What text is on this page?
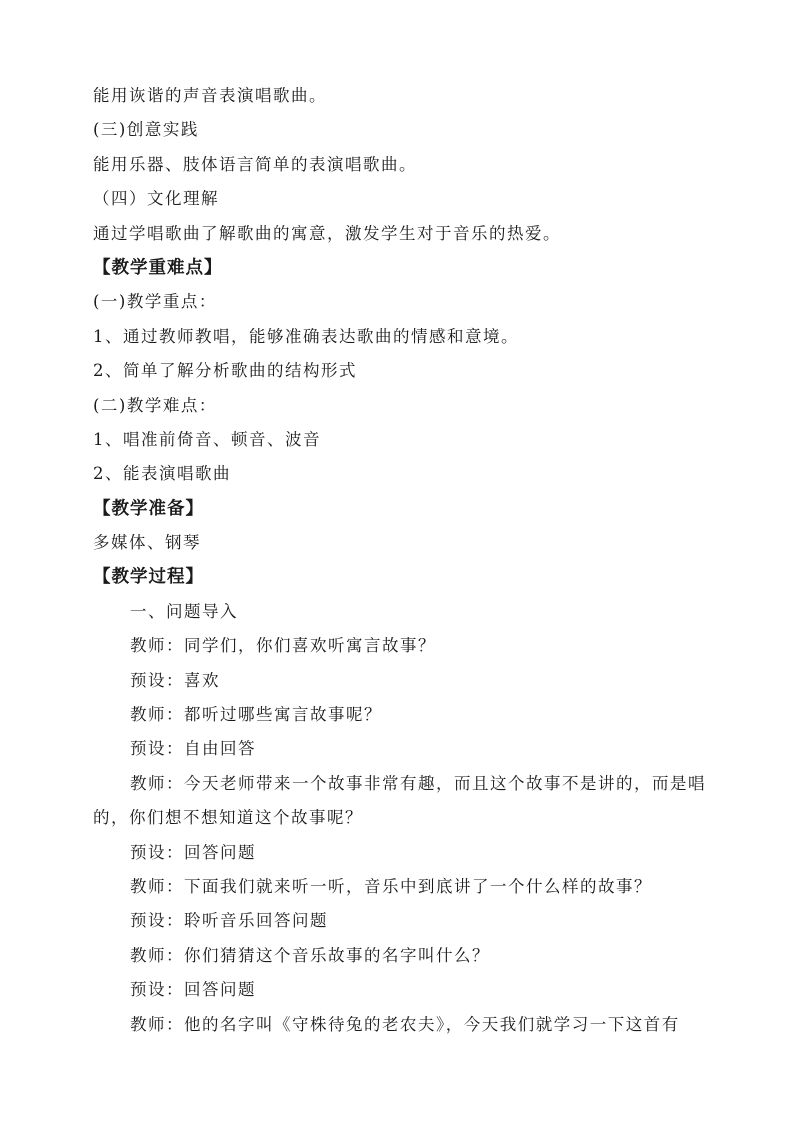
能用诙谐的声音表演唱歌曲。
(三)创意实践
能用乐器、肢体语言简单的表演唱歌曲。
（四）文化理解
通过学唱歌曲了解歌曲的寓意，激发学生对于音乐的热爱。
【教学重难点】
(一)教学重点：
1、通过教师教唱，能够准确表达歌曲的情感和意境。
2、简单了解分析歌曲的结构形式
(二)教学难点：
1、唱准前倚音、顿音、波音
2、能表演唱歌曲
【教学准备】
多媒体、钢琴
【教学过程】
一、问题导入
教师：同学们，你们喜欢听寓言故事？
预设：喜欢
教师：都听过哪些寓言故事呢？
预设：自由回答
教师：今天老师带来一个故事非常有趣，而且这个故事不是讲的，而是唱的，你们想不想知道这个故事呢？
预设：回答问题
教师：下面我们就来听一听，音乐中到底讲了一个什么样的故事？
预设：聆听音乐回答问题
教师：你们猜猜这个音乐故事的名字叫什么？
预设：回答问题
教师：他的名字叫《守株待兔的老农夫》，今天我们就学习一下这首有
